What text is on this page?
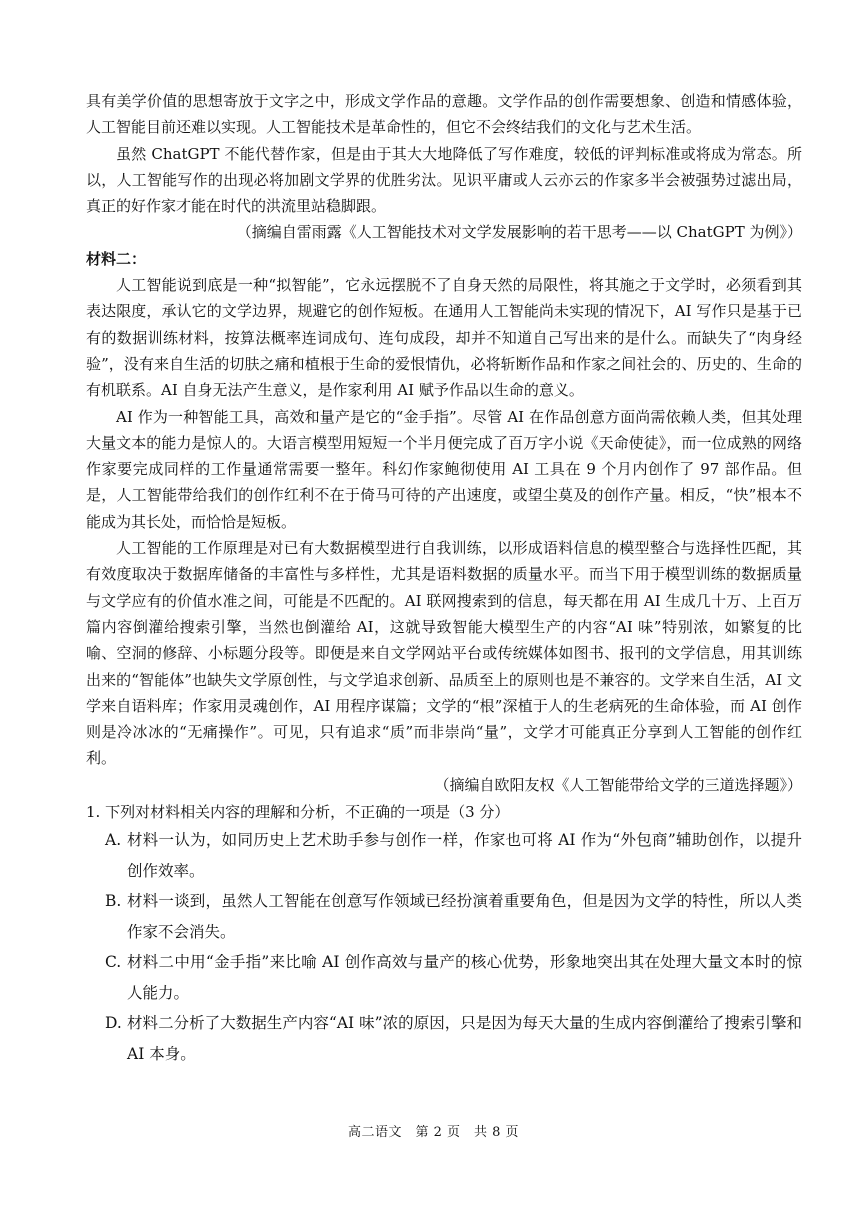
具有美学价值的思想寄放于文字之中，形成文学作品的意趣。文学作品的创作需要想象、创造和情感体验，人工智能目前还难以实现。人工智能技术是革命性的，但它不会终结我们的文化与艺术生活。

虽然 ChatGPT 不能代替作家，但是由于其大大地降低了写作难度，较低的评判标准或将成为常态。所以，人工智能写作的出现必将加剧文学界的优胜劣汰。见识平庸或人云亦云的作家多半会被强势过滤出局，真正的好作家才能在时代的洪流里站稳脚跟。

（摘编自雷雨露《人工智能技术对文学发展影响的若干思考——以 ChatGPT 为例》）
材料二：

人工智能说到底是一种“拟智能”，它永远摆脱不了自身天然的局限性，将其施之于文学时，必须看到其表达限度，承认它的文学边界，规避它的创作短板。在通用人工智能尚未实现的情况下，AI 写作只是基于已有的数据训练材料，按算法概率连词成句、连句成段，却并不知道自己写出来的是什么。而缺失了“肉身经验”，没有来自生活的切肤之痛和植根于生命的爱恨情仇，必将斩断作品和作家之间社会的、历史的、生命的有机联系。AI 自身无法产生意义，是作家利用 AI 赋予作品以生命的意义。

AI 作为一种智能工具，高效和量产是它的“金手指”。尽管 AI 在作品创意方面尚需依赖人类，但其处理大量文本的能力是惊人的。大语言模型用短短一个半月便完成了百万字小说《天命使徒》，而一位成熟的网络作家要完成同样的工作量通常需要一整年。科幻作家鲍彻使用 AI 工具在 9 个月内创作了 97 部作品。但是，人工智能带给我们的创作红利不在于倚马可待的产出速度，或望尘莫及的创作产量。相反，“快”根本不能成为其长处，而恰恰是短板。

人工智能的工作原理是对已有大数据模型进行自我训练，以形成语料信息的模型整合与选择性匹配，其有效度取决于数据库储备的丰富性与多样性，尤其是语料数据的质量水平。而当下用于模型训练的数据质量与文学应有的价值水准之间，可能是不匹配的。AI 联网搜索到的信息，每天都在用 AI 生成几十万、上百万篇内容倒灌给搜索引擎，当然也倒灌给 AI，这就导致智能大模型生产的内容“AI 味”特别浓，如繁复的比喻、空洞的修辞、小标题分段等。即便是来自文学网站平台或传统媒体如图书、报刊的文学信息，用其训练出来的“智能体”也缺失文学原创性，与文学追求创新、品质至上的原则也是不兼容的。文学来自生活，AI 文学来自语料库；作家用灵魂创作，AI 用程序谋篇；文学的“根”深植于人的生老病死的生命体验，而 AI 创作则是冷冰冰的“无痛操作”。可见，只有追求“质”而非崇尚“量”，文学才可能真正分享到人工智能的创作红利。

（摘编自欧阳友权《人工智能带给文学的三道选择题》）
1. 下列对材料相关内容的理解和分析，不正确的一项是（3 分）
A. 材料一认为，如同历史上艺术助手参与创作一样，作家也可将 AI 作为“外包商”辅助创作，以提升创作效率。
B. 材料一谈到，虽然人工智能在创意写作领域已经扮演着重要角色，但是因为文学的特性，所以人类作家不会消失。
C. 材料二中用“金手指”来比喻 AI 创作高效与量产的核心优势，形象地突出其在处理大量文本时的惊人能力。
D. 材料二分析了大数据生产内容“AI 味”浓的原因，只是因为每天大量的生成内容倒灌给了搜索引擎和 AI 本身。
高二语文　第 2 页　共 8 页
